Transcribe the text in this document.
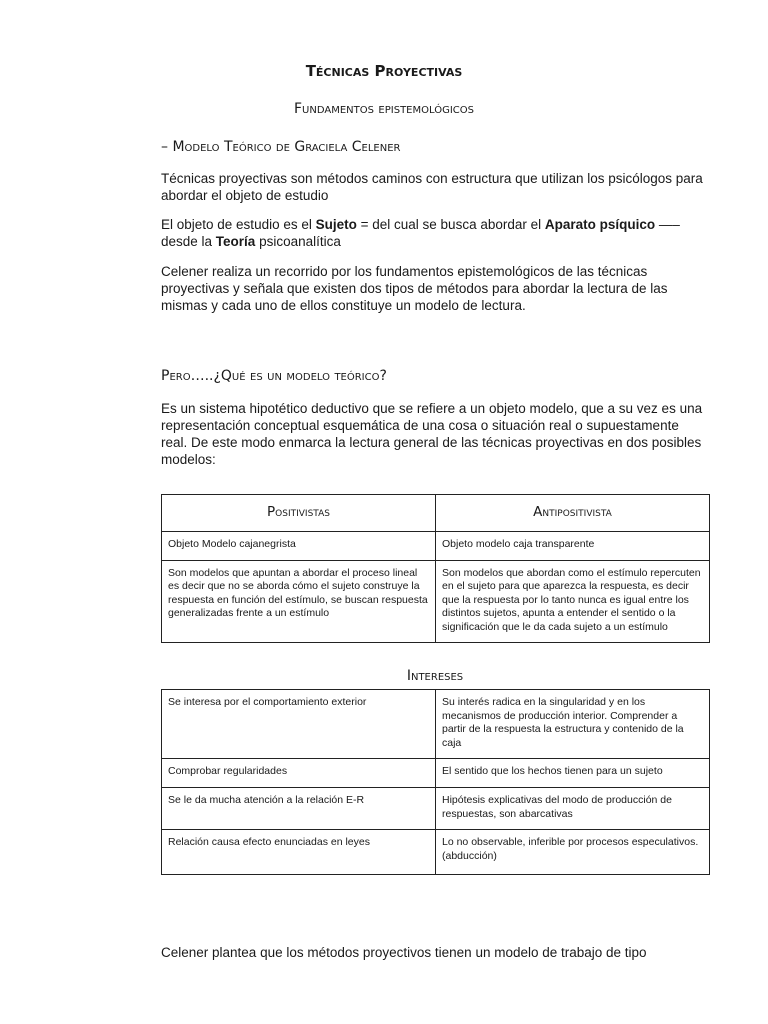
Técnicas Proyectivas
Fundamentos epistemológicos
– Modelo Teórico de Graciela Celener
Técnicas proyectivas son métodos caminos con estructura que utilizan los psicólogos para abordar el objeto de estudio
El objeto de estudio es el Sujeto = del cual se busca abordar el Aparato psíquico —– desde la Teoría psicoanalítica
Celener realiza un recorrido por los fundamentos epistemológicos de las técnicas proyectivas y señala que existen dos tipos de métodos para abordar la lectura de las mismas y cada uno de ellos constituye un modelo de lectura.
Pero…..¿Qué es un modelo teórico?
Es un sistema hipotético deductivo que se refiere a un objeto modelo, que a su vez es una representación conceptual esquemática de una cosa o situación real o supuestamente real. De este modo enmarca la lectura general de las técnicas proyectivas en dos posibles modelos:
Positivistas	Antipositivista
Objeto Modelo cajanegrista	Objeto modelo caja transparente
Son modelos que apuntan a abordar el proceso lineal es decir que no se aborda cómo el sujeto construye la respuesta en función del estímulo, se buscan respuesta generalizadas frente a un estímulo	Son modelos que abordan como el estímulo repercuten en el sujeto para que aparezca la respuesta, es decir que la respuesta por lo tanto nunca es igual entre los distintos sujetos, apunta a entender el sentido o la significación que le da cada sujeto a un estímulo
Intereses
Se interesa por el comportamiento exterior	Su interés radica en la singularidad y en los mecanismos de producción interior. Comprender a partir de la respuesta la estructura y contenido de la caja
Comprobar regularidades	El sentido que los hechos tienen para un sujeto
Se le da mucha atención a la relación E-R	Hipótesis explicativas del modo de producción de respuestas, son abarcativas
Relación causa efecto enunciadas en leyes	Lo no observable, inferible por procesos especulativos. (abducción)
Celener plantea que los métodos proyectivos tienen un modelo de trabajo de tipo
